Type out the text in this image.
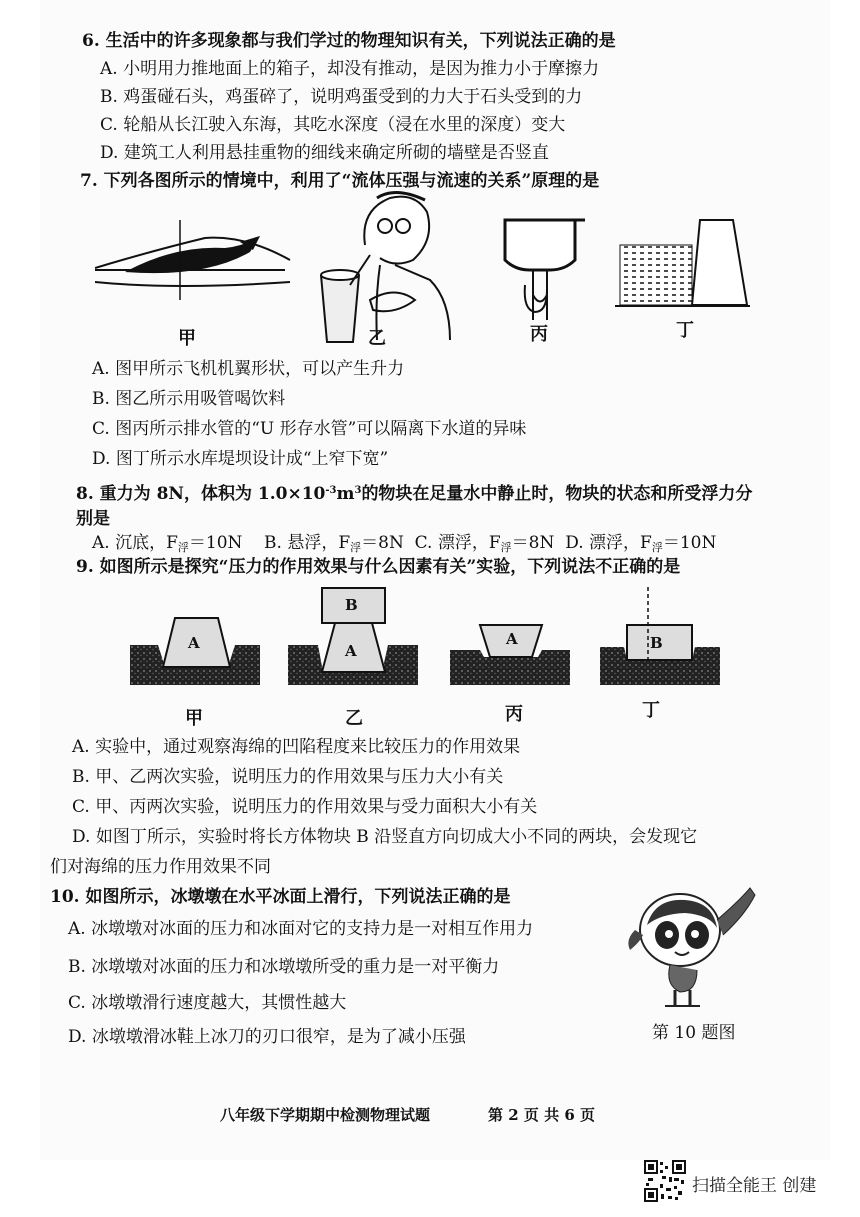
6. 生活中的许多现象都与我们学过的物理知识有关，下列说法正确的是
A. 小明用力推地面上的箱子，却没有推动，是因为推力小于摩擦力
B. 鸡蛋碰石头，鸡蛋碎了，说明鸡蛋受到的力大于石头受到的力
C. 轮船从长江驶入东海，其吃水深度（浸在水里的深度）变大
D. 建筑工人利用悬挂重物的细线来确定所砌的墙壁是否竖直
7. 下列各图所示的情境中，利用了“流体压强与流速的关系”原理的是
甲	乙	丙	丁
A. 图甲所示飞机机翼形状，可以产生升力
B. 图乙所示用吸管喝饮料
C. 图丙所示排水管的“U 形存水管”可以隔离下水道的异味
D. 图丁所示水库堤坝设计成“上窄下宽”
8. 重力为 8N，体积为 $1.0\times 10^{-3}m^3$的物块在足量水中静止时，物块的状态和所受浮力分
别是
A. 沉底，$F_浮=10N$ B. 悬浮，$F_浮=8N$ C. 漂浮，$F_浮=8N$ D. 漂浮，$F_浮=10N$
9. 如图所示是探究“压力的作用效果与什么因素有关”实验，下列说法不正确的是
A
B
A
A	B
甲	乙	丙	丁
A. 实验中，通过观察海绵的凹陷程度来比较压力的作用效果
B. 甲、乙两次实验，说明压力的作用效果与压力大小有关
C. 甲、丙两次实验，说明压力的作用效果与受力面积大小有关
D. 如图丁所示，实验时将长方体物块 B 沿竖直方向切成大小不同的两块，会发现它
们对海绵的压力作用效果不同
10. 如图所示，冰墩墩在水平冰面上滑行，下列说法正确的是
A. 冰墩墩对冰面的压力和冰面对它的支持力是一对相互作用力
B. 冰墩墩对冰面的压力和冰墩墩所受的重力是一对平衡力
C. 冰墩墩滑行速度越大，其惯性越大
D. 冰墩墩滑冰鞋上冰刀的刃口很窄，是为了减小压强	第 10 题图
八年级下学期期中检测物理试题	第 2 页 共 6 页
扫描全能王 创建
